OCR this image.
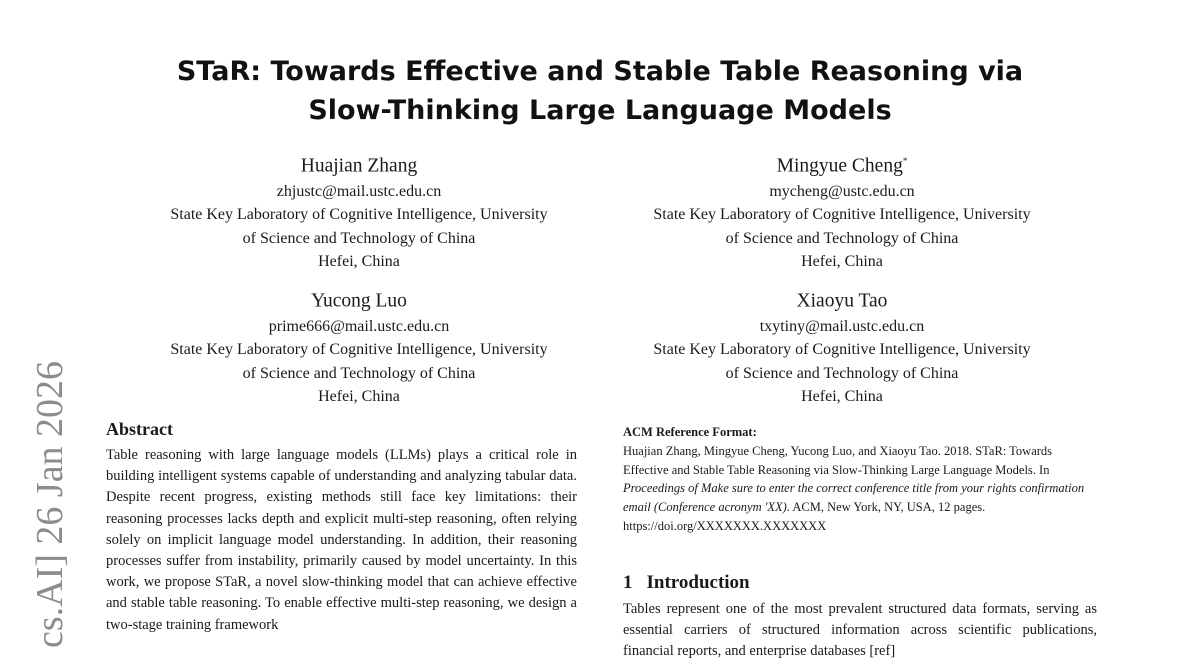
STaR: Towards Effective and Stable Table Reasoning via
Slow-Thinking Large Language Models
Huajian Zhang
zhjustc@mail.ustc.edu.cn
State Key Laboratory of Cognitive Intelligence, University
of Science and Technology of China
Hefei, China
Mingyue Cheng*
mycheng@ustc.edu.cn
State Key Laboratory of Cognitive Intelligence, University
of Science and Technology of China
Hefei, China
Yucong Luo
prime666@mail.ustc.edu.cn
State Key Laboratory of Cognitive Intelligence, University
of Science and Technology of China
Hefei, China
Xiaoyu Tao
txytiny@mail.ustc.edu.cn
State Key Laboratory of Cognitive Intelligence, University
of Science and Technology of China
Hefei, China
cs.AI] 26 Jan 2026 Abstract

Table reasoning with large language models (LLMs) plays a critical role in building intelligent systems capable of understanding and analyzing tabular data. Despite recent progress, existing methods still face key limitations: their reasoning processes lacks depth and explicit multi-step reasoning, often relying solely on implicit language model understanding. In addition, their reasoning processes suffer from instability, primarily caused by model uncertainty. In this work, we propose STaR, a novel slow-thinking model that can achieve effective and stable table reasoning. To enable effective multi-step reasoning, we design a two-stage training framework

ACM Reference Format:

Huajian Zhang, Mingyue Cheng, Yucong Luo, and Xiaoyu Tao. 2018. STaR: Towards Effective and Stable Table Reasoning via Slow-Thinking Large Language Models. In Proceedings of Make sure to enter the correct conference title from your rights confirmation email (Conference acronym 'XX). ACM, New York, NY, USA, 12 pages. https://doi.org/XXXXXXX.XXXXXXX

1 Introduction

Tables represent one of the most prevalent structured data formats, serving as essential carriers of structured information across scientific publications, financial reports, and enterprise databases [ref]
